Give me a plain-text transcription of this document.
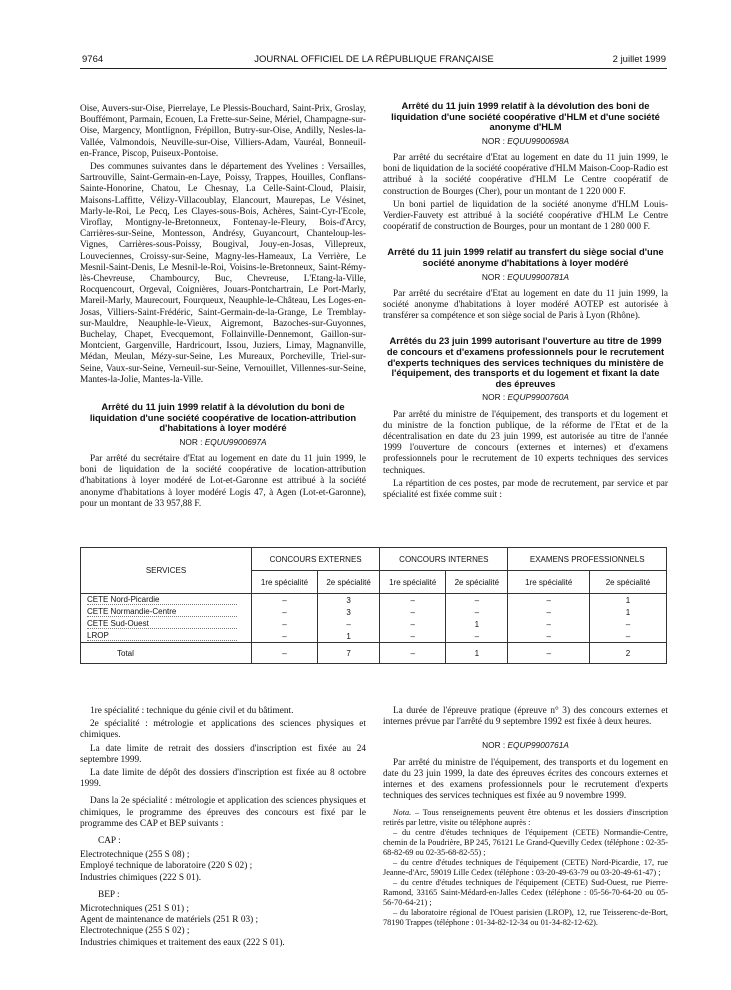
9764	JOURNAL OFFICIEL DE LA RÉPUBLIQUE FRANÇAISE	2 juillet 1999

Oise, Auvers-sur-Oise, Pierrelaye, Le Plessis-Bouchard, Saint-Prix, Groslay, Bouffémont, Parmain, Ecouen, La Frette-sur-Seine, Mériel, Champagne-sur-Oise, Margency, Montlignon, Frépillon, Butry-sur-Oise, Andilly, Nesles-la-Vallée, Valmondois, Neuville-sur-Oise, Villiers-Adam, Vauréal, Bonneuil-en-France, Piscop, Puiseux-Pontoise.

Des communes suivantes dans le département des Yvelines : Versailles, Sartrouville, Saint-Germain-en-Laye, Poissy, Trappes, Houilles, Conflans-Sainte-Honorine, Chatou, Le Chesnay, La Celle-Saint-Cloud, Plaisir, Maisons-Laffitte, Vélizy-Villacoublay, Elancourt, Maurepas, Le Vésinet, Marly-le-Roi, Le Pecq, Les Clayes-sous-Bois, Achères, Saint-Cyr-l'Ecole, Viroflay, Montigny-le-Bretonneux, Fontenay-le-Fleury, Bois-d'Arcy, Carrières-sur-Seine, Montesson, Andrésy, Guyancourt, Chanteloup-les-Vignes, Carrières-sous-Poissy, Bougival, Jouy-en-Josas, Villepreux, Louveciennes, Croissy-sur-Seine, Magny-les-Hameaux, La Verrière, Le Mesnil-Saint-Denis, Le Mesnil-le-Roi, Voisins-le-Bretonneux, Saint-Rémy-lès-Chevreuse, Chambourcy, Buc, Chevreuse, L'Etang-la-Ville, Rocquencourt, Orgeval, Coignières, Jouars-Pontchartrain, Le Port-Marly, Mareil-Marly, Maurecourt, Fourqueux, Neauphle-le-Château, Les Loges-en-Josas, Villiers-Saint-Frédéric, Saint-Germain-de-la-Grange, Le Tremblay-sur-Mauldre, Neauphle-le-Vieux, Aigremont, Bazoches-sur-Guyonnes, Buchelay, Chapet, Evecquemont, Follainville-Dennemont, Gaillon-sur-Montcient, Gargenville, Hardricourt, Issou, Juziers, Limay, Magnanville, Médan, Meulan, Mézy-sur-Seine, Les Mureaux, Porcheville, Triel-sur-Seine, Vaux-sur-Seine, Verneuil-sur-Seine, Vernouillet, Villennes-sur-Seine, Mantes-la-Jolie, Mantes-la-Ville.

Arrêté du 11 juin 1999 relatif à la dévolution du boni de liquidation d'une société coopérative de location-attribution d'habitations à loyer modéré
NOR : EQUU9900697A

Par arrêté du secrétaire d'Etat au logement en date du 11 juin 1999, le boni de liquidation de la société coopérative de location-attribution d'habitations à loyer modéré de Lot-et-Garonne est attribué à la société anonyme d'habitations à loyer modéré Logis 47, à Agen (Lot-et-Garonne), pour un montant de 33 957,88 F.

Arrêté du 11 juin 1999 relatif à la dévolution des boni de liquidation d'une société coopérative d'HLM et d'une société anonyme d'HLM
NOR : EQUU9900698A

Par arrêté du secrétaire d'Etat au logement en date du 11 juin 1999, le boni de liquidation de la société coopérative d'HLM Maison-Coop-Radio est attribué à la société coopérative d'HLM Le Centre coopératif de construction de Bourges (Cher), pour un montant de 1 220 000 F.

Un boni partiel de liquidation de la société anonyme d'HLM Louis-Verdier-Fauvety est attribué à la société coopérative d'HLM Le Centre coopératif de construction de Bourges, pour un montant de 1 280 000 F.

Arrêté du 11 juin 1999 relatif au transfert du siège social d'une société anonyme d'habitations à loyer modéré
NOR : EQUU9900781A

Par arrêté du secrétaire d'Etat au logement en date du 11 juin 1999, la société anonyme d'habitations à loyer modéré AOTEP est autorisée à transférer sa compétence et son siège social de Paris à Lyon (Rhône).

Arrêtés du 23 juin 1999 autorisant l'ouverture au titre de 1999 de concours et d'examens professionnels pour le recrutement d'experts techniques des services techniques du ministère de l'équipement, des transports et du logement et fixant la date des épreuves
NOR : EQUP9900760A

Par arrêté du ministre de l'équipement, des transports et du logement et du ministre de la fonction publique, de la réforme de l'Etat et de la décentralisation en date du 23 juin 1999, est autorisée au titre de l'année 1999 l'ouverture de concours (externes et internes) et d'examens professionnels pour le recrutement de 10 experts techniques des services techniques.

La répartition de ces postes, par mode de recrutement, par service et par spécialité est fixée comme suit :

SERVICES	CONCOURS EXTERNES		CONCOURS INTERNES		EXAMENS PROFESSIONNELS	
	1re spécialité	2e spécialité	1re spécialité	2e spécialité	1re spécialité	2e spécialité
CETE Nord-Picardie	–	3	–	–	–	1
CETE Normandie-Centre	–	3	–	–	–	1
CETE Sud-Ouest	–	–	–	1	–	–
LROP	–	1	–	–	–	–
Total	–	7	–	1	–	2

1re spécialité : technique du génie civil et du bâtiment.

2e spécialité : métrologie et applications des sciences physiques et chimiques.

La date limite de retrait des dossiers d'inscription est fixée au 24 septembre 1999.

La date limite de dépôt des dossiers d'inscription est fixée au 8 octobre 1999.

Dans la 2e spécialité : métrologie et application des sciences physiques et chimiques, le programme des épreuves des concours est fixé par le programme des CAP et BEP suivants :

CAP :

Electrotechnique (255 S 08) ;

Employé technique de laboratoire (220 S 02) ;

Industries chimiques (222 S 01).

BEP :

Microtechniques (251 S 01) ;

Agent de maintenance de matériels (251 R 03) ;

Electrotechnique (255 S 02) ;

Industries chimiques et traitement des eaux (222 S 01).

La durée de l'épreuve pratique (épreuve n° 3) des concours externes et internes prévue par l'arrêté du 9 septembre 1992 est fixée à deux heures.

NOR : EQUP9900761A

Par arrêté du ministre de l'équipement, des transports et du logement en date du 23 juin 1999, la date des épreuves écrites des concours externes et internes et des examens professionnels pour le recrutement d'experts techniques des services techniques est fixée au 9 novembre 1999.

Nota. – Tous renseignements peuvent être obtenus et les dossiers d'inscription retirés par lettre, visite ou téléphone auprès :

– du centre d'études techniques de l'équipement (CETE) Normandie-Centre, chemin de la Poudrière, BP 245, 76121 Le Grand-Quevilly Cedex (téléphone : 02-35-68-82-69 ou 02-35-68-82-55) ;

– du centre d'études techniques de l'équipement (CETE) Nord-Picardie, 17, rue Jeanne-d'Arc, 59019 Lille Cedex (téléphone : 03-20-49-63-79 ou 03-20-49-61-47) ;

– du centre d'études techniques de l'équipement (CETE) Sud-Ouest, rue Pierre-Ramond, 33165 Saint-Médard-en-Jalles Cedex (téléphone : 05-56-70-64-20 ou 05-56-70-64-21) ;

– du laboratoire régional de l'Ouest parisien (LROP), 12, rue Teisserenc-de-Bort, 78190 Trappes (téléphone : 01-34-82-12-34 ou 01-34-82-12-62).
